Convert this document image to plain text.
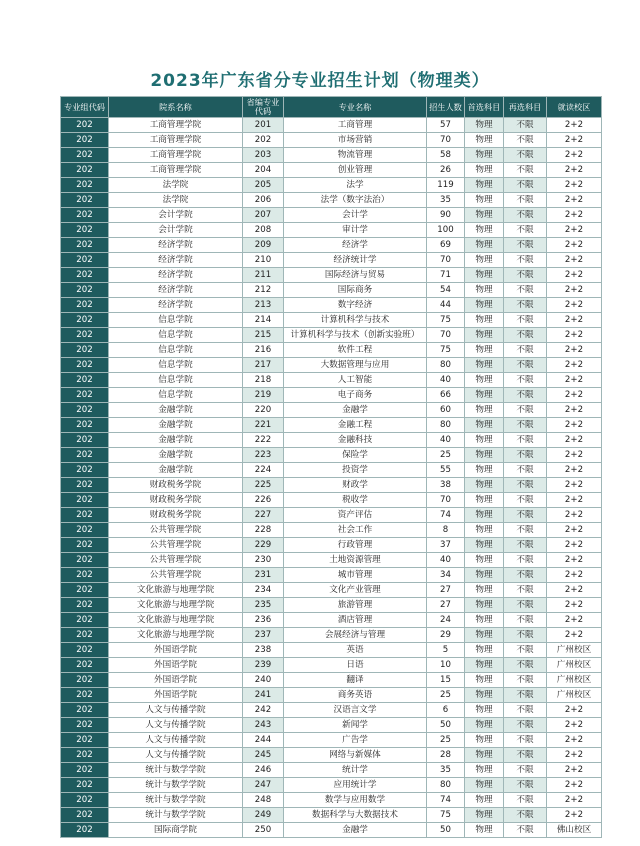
2023年广东省分专业招生计划（物理类）
专业组代码	院系名称	省编专业代码	专业名称	招生人数	首选科目	再选科目	就读校区
202	工商管理学院	201	工商管理	57	物理	不限	2+2
202	工商管理学院	202	市场营销	70	物理	不限	2+2
202	工商管理学院	203	物流管理	58	物理	不限	2+2
202	工商管理学院	204	创业管理	26	物理	不限	2+2
202	法学院	205	法学	119	物理	不限	2+2
202	法学院	206	法学（数字法治）	35	物理	不限	2+2
202	会计学院	207	会计学	90	物理	不限	2+2
202	会计学院	208	审计学	100	物理	不限	2+2
202	经济学院	209	经济学	69	物理	不限	2+2
202	经济学院	210	经济统计学	70	物理	不限	2+2
202	经济学院	211	国际经济与贸易	71	物理	不限	2+2
202	经济学院	212	国际商务	54	物理	不限	2+2
202	经济学院	213	数字经济	44	物理	不限	2+2
202	信息学院	214	计算机科学与技术	75	物理	不限	2+2
202	信息学院	215	计算机科学与技术（创新实验班）	70	物理	不限	2+2
202	信息学院	216	软件工程	75	物理	不限	2+2
202	信息学院	217	大数据管理与应用	80	物理	不限	2+2
202	信息学院	218	人工智能	40	物理	不限	2+2
202	信息学院	219	电子商务	66	物理	不限	2+2
202	金融学院	220	金融学	60	物理	不限	2+2
202	金融学院	221	金融工程	80	物理	不限	2+2
202	金融学院	222	金融科技	40	物理	不限	2+2
202	金融学院	223	保险学	25	物理	不限	2+2
202	金融学院	224	投资学	55	物理	不限	2+2
202	财政税务学院	225	财政学	38	物理	不限	2+2
202	财政税务学院	226	税收学	70	物理	不限	2+2
202	财政税务学院	227	资产评估	74	物理	不限	2+2
202	公共管理学院	228	社会工作	8	物理	不限	2+2
202	公共管理学院	229	行政管理	37	物理	不限	2+2
202	公共管理学院	230	土地资源管理	40	物理	不限	2+2
202	公共管理学院	231	城市管理	34	物理	不限	2+2
202	文化旅游与地理学院	234	文化产业管理	27	物理	不限	2+2
202	文化旅游与地理学院	235	旅游管理	27	物理	不限	2+2
202	文化旅游与地理学院	236	酒店管理	24	物理	不限	2+2
202	文化旅游与地理学院	237	会展经济与管理	29	物理	不限	2+2
202	外国语学院	238	英语	5	物理	不限	广州校区
202	外国语学院	239	日语	10	物理	不限	广州校区
202	外国语学院	240	翻译	15	物理	不限	广州校区
202	外国语学院	241	商务英语	25	物理	不限	广州校区
202	人文与传播学院	242	汉语言文学	6	物理	不限	2+2
202	人文与传播学院	243	新闻学	50	物理	不限	2+2
202	人文与传播学院	244	广告学	25	物理	不限	2+2
202	人文与传播学院	245	网络与新媒体	28	物理	不限	2+2
202	统计与数学学院	246	统计学	35	物理	不限	2+2
202	统计与数学学院	247	应用统计学	80	物理	不限	2+2
202	统计与数学学院	248	数学与应用数学	74	物理	不限	2+2
202	统计与数学学院	249	数据科学与大数据技术	75	物理	不限	2+2
202	国际商学院	250	金融学	50	物理	不限	佛山校区
